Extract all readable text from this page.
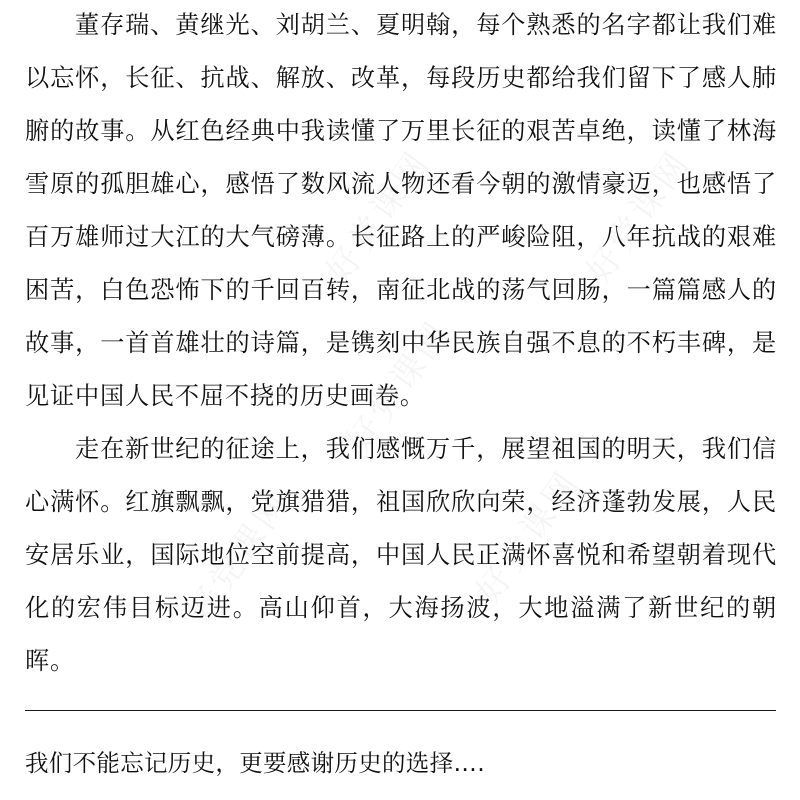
董存瑞、黄继光、刘胡兰、夏明翰，每个熟悉的名字都让我们难以忘怀，长征、抗战、解放、改革，每段历史都给我们留下了感人肺腑的故事。从红色经典中我读懂了万里长征的艰苦卓绝，读懂了林海雪原的孤胆雄心，感悟了数风流人物还看今朝的激情豪迈，也感悟了百万雄师过大江的大气磅薄。长征路上的严峻险阻，八年抗战的艰难困苦，白色恐怖下的千回百转，南征北战的荡气回肠，一篇篇感人的故事，一首首雄壮的诗篇，是镌刻中华民族自强不息的不朽丰碑，是见证中国人民不屈不挠的历史画卷。

走在新世纪的征途上，我们感慨万千，展望祖国的明天，我们信心满怀。红旗飘飘，党旗猎猎，祖国欣欣向荣，经济蓬勃发展，人民安居乐业，国际地位空前提高，中国人民正满怀喜悦和希望朝着现代化的宏伟目标迈进。高山仰首，大海扬波，大地溢满了新世纪的朝晖。

我们不能忘记历史，更要感谢历史的选择….
